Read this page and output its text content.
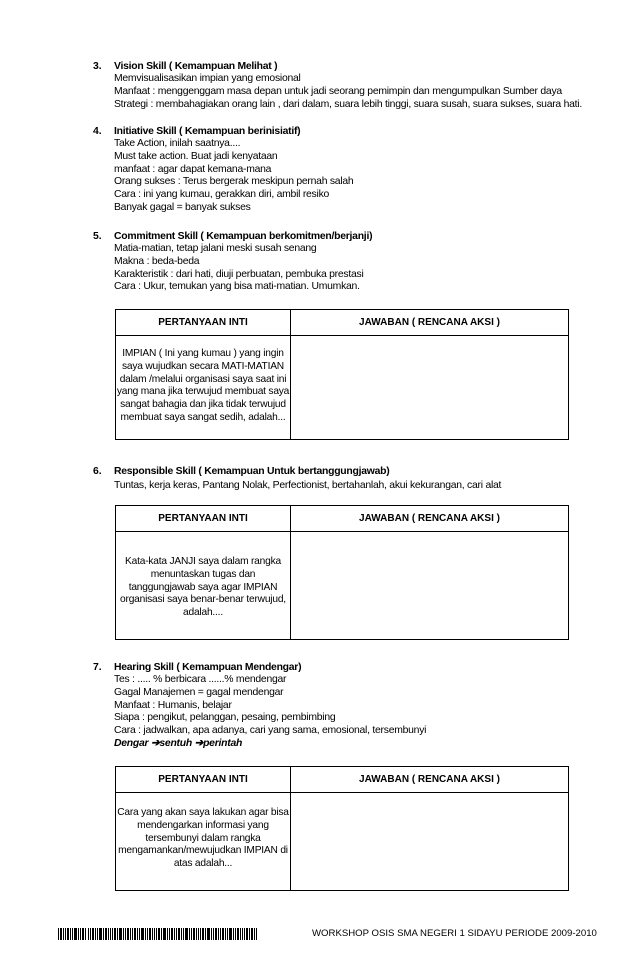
3. Vision Skill ( Kemampuan Melihat )
Memvisualisasikan impian yang emosional
Manfaat : menggenggam masa depan untuk jadi seorang pemimpin dan mengumpulkan Sumber daya
Strategi : membahagiakan orang lain , dari dalam, suara lebih tinggi, suara susah, suara sukses, suara hati.
4. Initiative Skill ( Kemampuan berinisiatif)
Take Action, inilah saatnya....
Must take action. Buat jadi kenyataan
manfaat : agar dapat kemana-mana
Orang sukses : Terus bergerak meskipun pernah salah
Cara : ini yang kumau, gerakkan diri, ambil resiko
Banyak gagal = banyak sukses
5. Commitment Skill ( Kemampuan berkomitmen/berjanji)
Matia-matian, tetap jalani meski susah senang
Makna : beda-beda
Karakteristik : dari hati, diuji perbuatan, pembuka prestasi
Cara : Ukur, temukan yang bisa mati-matian. Umumkan.
PERTANYAAN INTI	JAWABAN ( RENCANA AKSI )
IMPIAN ( Ini yang kumau ) yang ingin
saya wujudkan secara MATI-MATIAN
dalam /melalui organisasi saya saat ini
yang mana jika terwujud membuat saya
sangat bahagia dan jika tidak terwujud
membuat saya sangat sedih, adalah...
6. Responsible Skill ( Kemampuan Untuk bertanggungjawab)
Tuntas, kerja keras, Pantang Nolak, Perfectionist, bertahanlah, akui kekurangan, cari alat
PERTANYAAN INTI	JAWABAN ( RENCANA AKSI )
Kata-kata JANJI saya dalam rangka
menuntaskan tugas dan
tanggungjawab saya agar IMPIAN
organisasi saya benar-benar terwujud,
adalah....
7. Hearing Skill ( Kemampuan Mendengar)
Tes : ..... % berbicara ......% mendengar
Gagal Manajemen = gagal mendengar
Manfaat : Humanis, belajar
Siapa : pengikut, pelanggan, pesaing, pembimbing
Cara : jadwalkan, apa adanya, cari yang sama, emosional, tersembunyi
Dengar ➔sentuh ➔perintah
PERTANYAAN INTI	JAWABAN ( RENCANA AKSI )
Cara yang akan saya lakukan agar bisa
mendengarkan informasi yang
tersembunyi dalam rangka
mengamankan/mewujudkan IMPIAN di
atas adalah...
WORKSHOP OSIS SMA NEGERI 1 SIDAYU PERIODE 2009-2010
